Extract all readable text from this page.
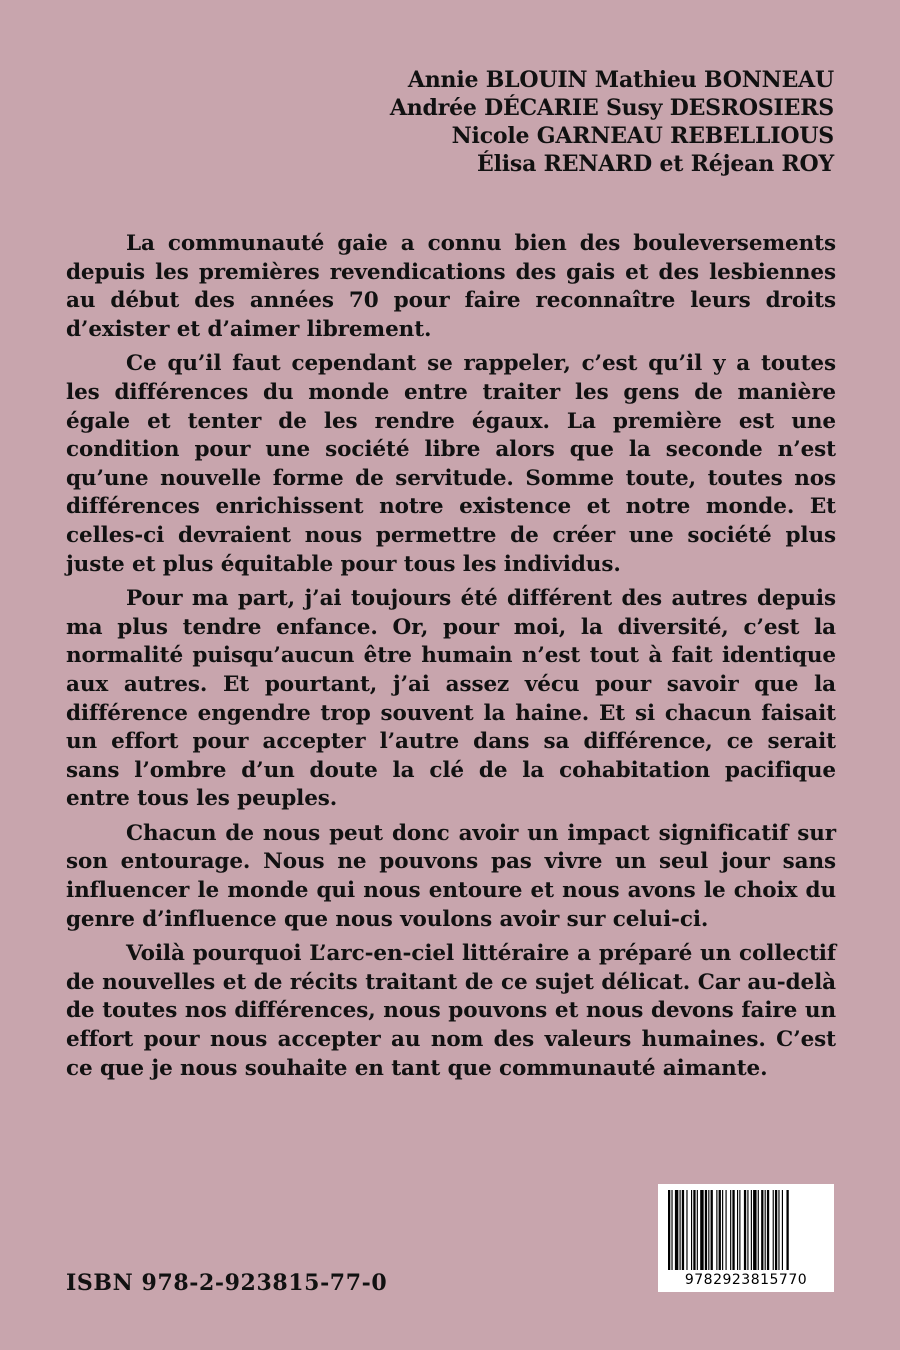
Annie BLOUIN Mathieu BONNEAU
Andrée DÉCARIE Susy DESROSIERS
Nicole GARNEAU REBELLIOUS
Élisa RENARD et Réjean ROY

La communauté gaie a connu bien des bouleversements depuis les premières revendications des gais et des lesbiennes au début des années 70 pour faire reconnaître leurs droits d’exister et d’aimer librement.

Ce qu’il faut cependant se rappeler, c’est qu’il y a toutes les différences du monde entre traiter les gens de manière égale et tenter de les rendre égaux. La première est une condition pour une société libre alors que la seconde n’est qu’une nouvelle forme de servitude. Somme toute, toutes nos différences enrichissent notre existence et notre monde. Et celles-ci devraient nous permettre de créer une société plus juste et plus équitable pour tous les individus.

Pour ma part, j’ai toujours été différent des autres depuis ma plus tendre enfance. Or, pour moi, la diversité, c’est la normalité puisqu’aucun être humain n’est tout à fait identique aux autres. Et pourtant, j’ai assez vécu pour savoir que la différence engendre trop souvent la haine. Et si chacun faisait un effort pour accepter l’autre dans sa différence, ce serait sans l’ombre d’un doute la clé de la cohabitation pacifique entre tous les peuples.

Chacun de nous peut donc avoir un impact significatif sur son entourage. Nous ne pouvons pas vivre un seul jour sans influencer le monde qui nous entoure et nous avons le choix du genre d’influence que nous voulons avoir sur celui-ci.

Voilà pourquoi L’arc-en-ciel littéraire a préparé un collectif de nouvelles et de récits traitant de ce sujet délicat. Car au-delà de toutes nos différences, nous pouvons et nous devons faire un effort pour nous accepter au nom des valeurs humaines. C’est ce que je nous souhaite en tant que communauté aimante.

ISBN 978-2-923815-77-0	9782923815770
